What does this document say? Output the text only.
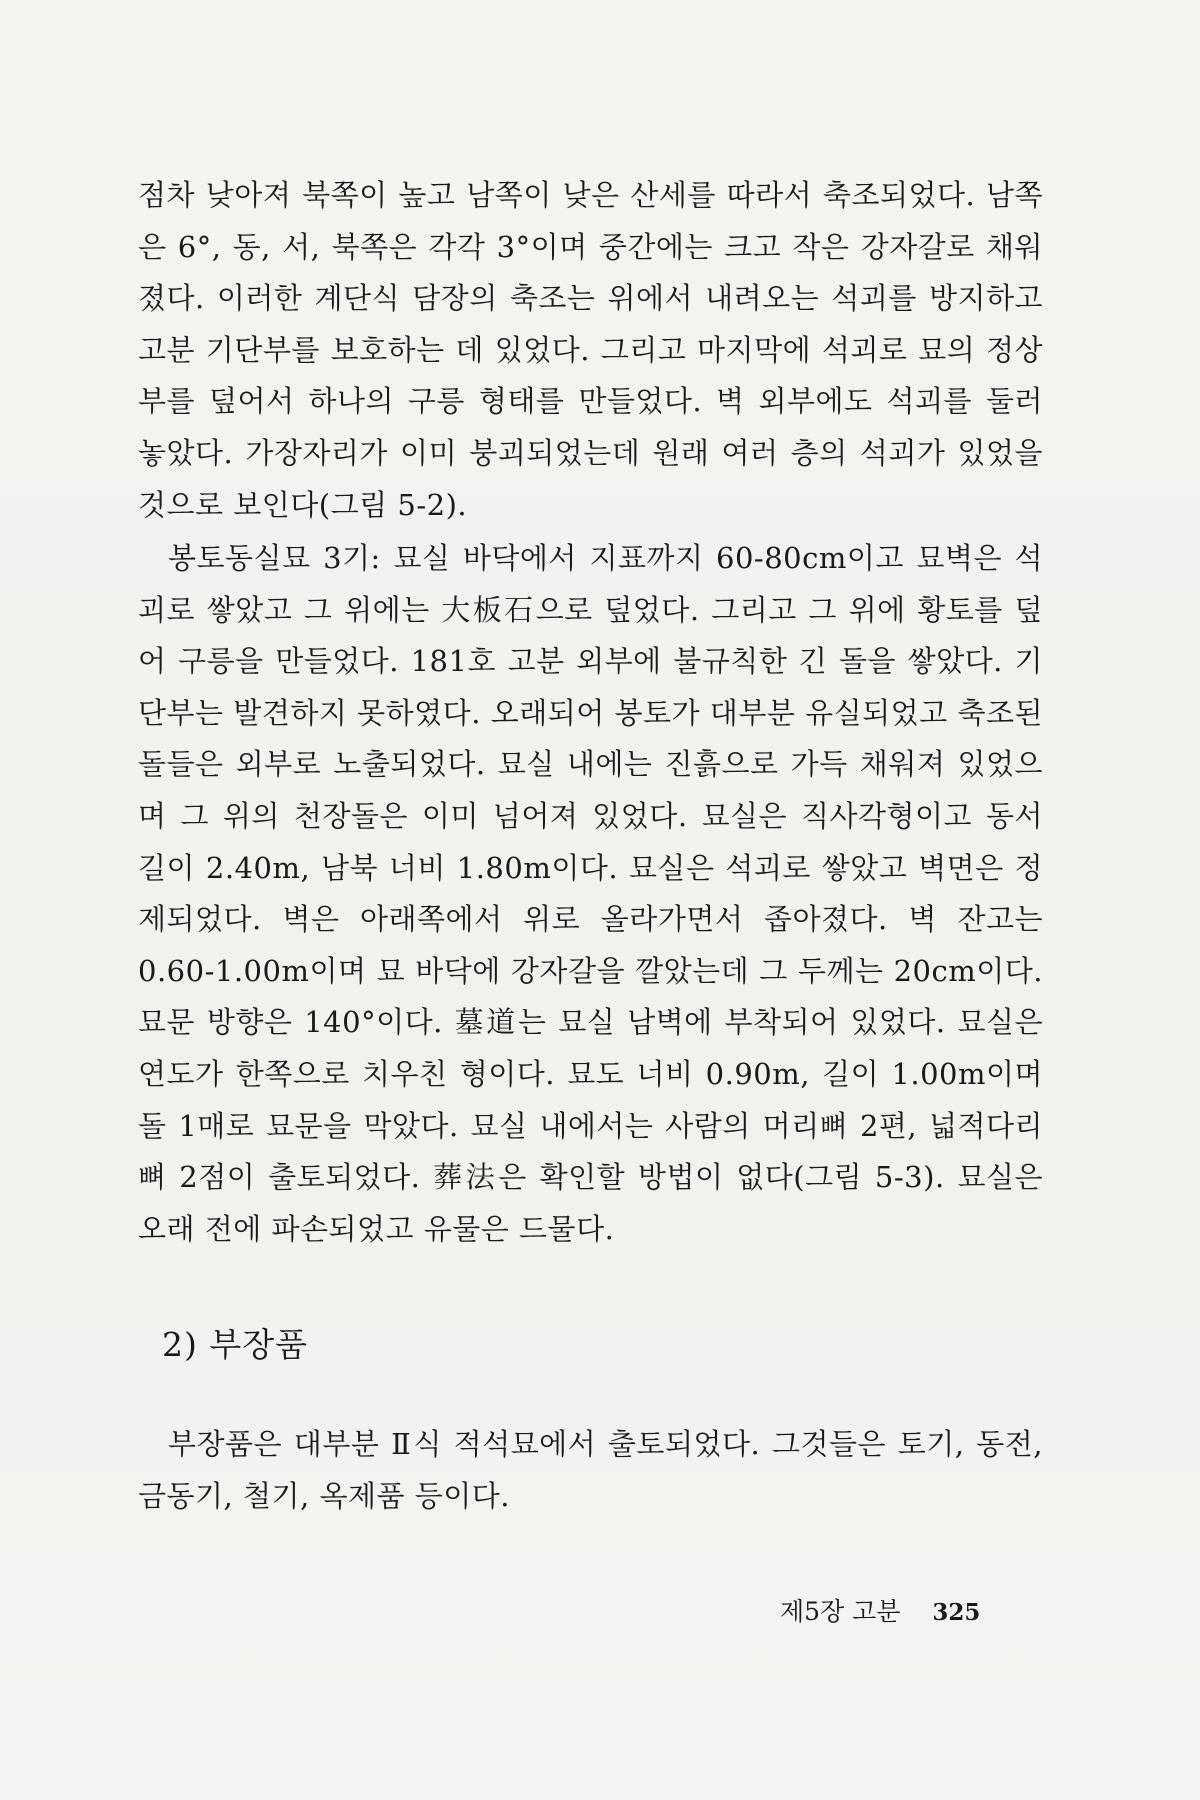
점차 낮아져 북쪽이 높고 남쪽이 낮은 산세를 따라서 축조되었다. 남쪽은 6°, 동, 서, 북쪽은 각각 3°이며 중간에는 크고 작은 강자갈로 채워졌다. 이러한 계단식 담장의 축조는 위에서 내려오는 석괴를 방지하고 고분 기단부를 보호하는 데 있었다. 그리고 마지막에 석괴로 묘의 정상부를 덮어서 하나의 구릉 형태를 만들었다. 벽 외부에도 석괴를 둘러 놓았다. 가장자리가 이미 붕괴되었는데 원래 여러 층의 석괴가 있었을 것으로 보인다(그림 5-2).

봉토동실묘 3기: 묘실 바닥에서 지표까지 60-80cm이고 묘벽은 석괴로 쌓았고 그 위에는 大板石으로 덮었다. 그리고 그 위에 황토를 덮어 구릉을 만들었다. 181호 고분 외부에 불규칙한 긴 돌을 쌓았다. 기단부는 발견하지 못하였다. 오래되어 봉토가 대부분 유실되었고 축조된 돌들은 외부로 노출되었다. 묘실 내에는 진흙으로 가득 채워져 있었으며 그 위의 천장돌은 이미 넘어져 있었다. 묘실은 직사각형이고 동서 길이 2.40m, 남북 너비 1.80m이다. 묘실은 석괴로 쌓았고 벽면은 정제되었다. 벽은 아래쪽에서 위로 올라가면서 좁아졌다. 벽 잔고는 0.60-1.00m이며 묘 바닥에 강자갈을 깔았는데 그 두께는 20cm이다. 묘문 방향은 140°이다. 墓道는 묘실 남벽에 부착되어 있었다. 묘실은 연도가 한쪽으로 치우친 형이다. 묘도 너비 0.90m, 길이 1.00m이며 돌 1매로 묘문을 막았다. 묘실 내에서는 사람의 머리뼈 2편, 넓적다리뼈 2점이 출토되었다. 葬法은 확인할 방법이 없다(그림 5-3). 묘실은 오래 전에 파손되었고 유물은 드물다.

2) 부장품

부장품은 대부분 Ⅱ식 적석묘에서 출토되었다. 그것들은 토기, 동전, 금동기, 철기, 옥제품 등이다.

제5장 고분 325
